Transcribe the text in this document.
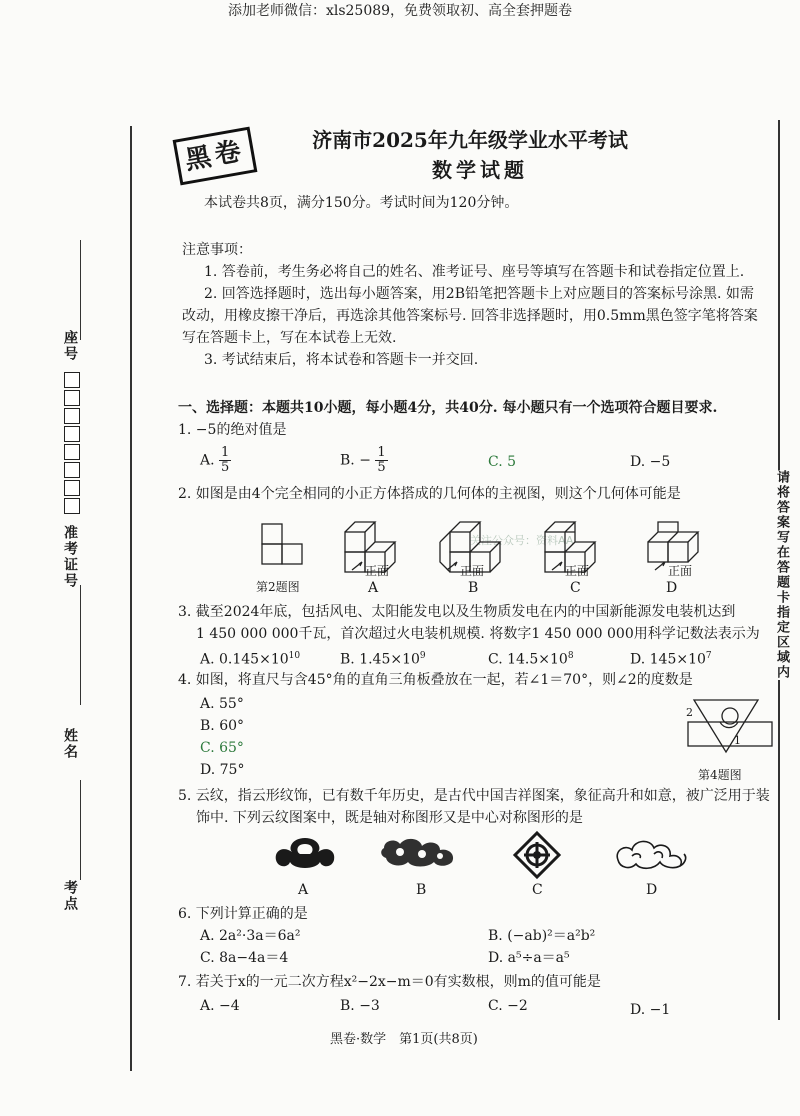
添加老师微信：xls25089，免费领取初、高全套押题卷
座号
准考证号
姓名
考点
请将答案写在答题卡指定区域内
黑卷	济南市2025年九年级学业水平考试
数学试题
本试卷共8页，满分150分。考试时间为120分钟。
注意事项：
1. 答卷前，考生务必将自己的姓名、准考证号、座号等填写在答题卡和试卷指定位置上.
2. 回答选择题时，选出每小题答案，用2B铅笔把答题卡上对应题目的答案标号涂黑. 如需
改动，用橡皮擦干净后，再选涂其他答案标号. 回答非选择题时，用0.5mm黑色签字笔将答案
写在答题卡上，写在本试卷上无效.
3. 考试结束后，将本试卷和答题卡一并交回.
一、选择题：本题共10小题，每小题4分，共40分. 每小题只有一个选项符合题目要求.
1. −5的绝对值是
A. $\frac{1}{5}$	B. − $\frac{1}{5}$	C. 5	D. −5
2. 如图是由4个完全相同的小正方体搭成的几何体的主视图，则这个几何体可能是
关注公众号：资料AA
正面	正面	正面	正面
第2题图	A	B	C	D
3. 截至2024年底，包括风电、太阳能发电以及生物质发电在内的中国新能源发电装机达到
1 450 000 000千瓦，首次超过火电装机规模. 将数字1 450 000 000用科学记数法表示为
A. $0.145\times 10^{10}$	B. $1.45\times 10^9$	C. $14.5\times 10^8$	D. $145\times 10^7$
4. 如图，将直尺与含45°角的直角三角板叠放在一起，若∠1＝70°，则∠2的度数是
A. 55°
B. 60°
C. 65°
D. 75°
2
1
第4题图
5. 云纹，指云形纹饰，已有数千年历史，是古代中国吉祥图案，象征高升和如意，被广泛用于装
饰中. 下列云纹图案中，既是轴对称图形又是中心对称图形的是
A	B	C	D
6. 下列计算正确的是
A. 2a²·3a＝6a²	B. (−ab)²＝a²b²
C. 8a−4a＝4	D. a⁵÷a＝a⁵
7. 若关于x的一元二次方程x²−2x−m＝0有实数根，则m的值可能是
A. −4	B. −3	C. −2	D. −1
黑卷·数学　第1页(共8页)
